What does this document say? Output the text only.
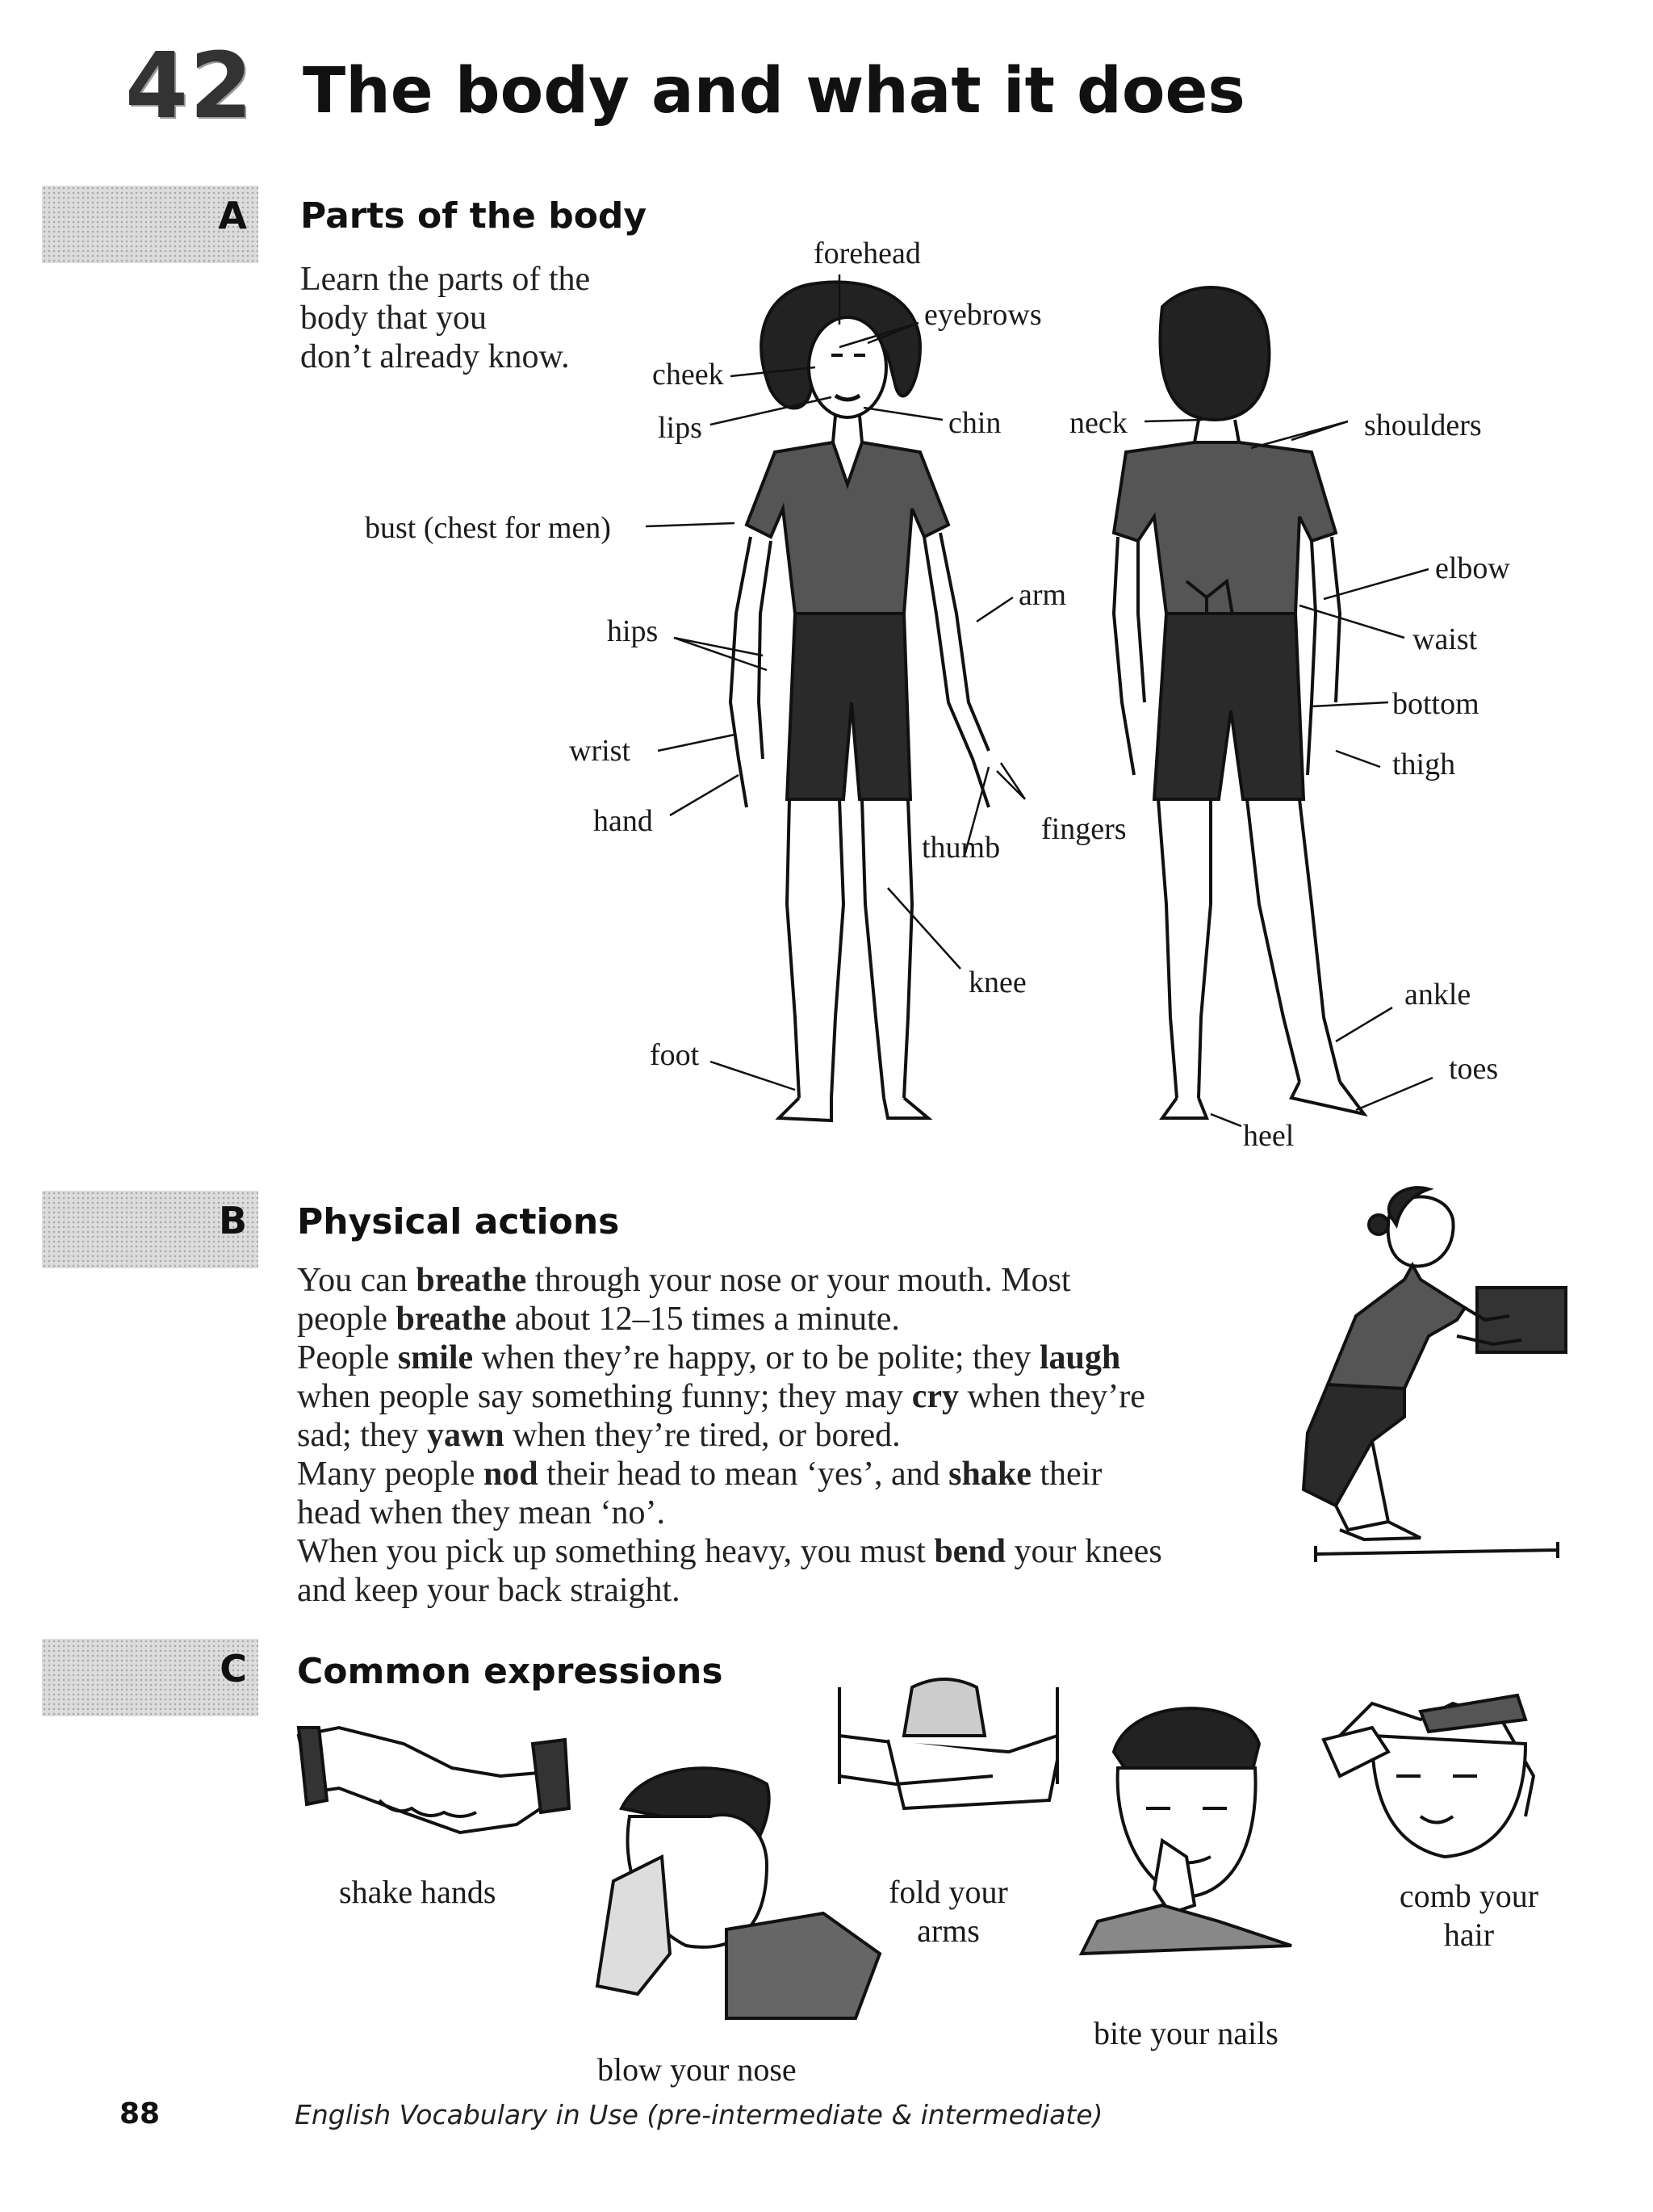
42 The body and what it does
A Parts of the body
Learn the parts of the
body that you
don’t already know.
forehead
eyebrows
cheek
lips	chin neck	shoulders
bust (chest for men)
arm
elbow
hips	waist
bottom
wrist	thigh
hand
thumb
fingers
knee	ankle
foot	toes
heel
B Physical actions
You can breathe through your nose or your mouth. Most
people breathe about 12–15 times a minute.
People smile when they’re happy, or to be polite; they laugh
when people say something funny; they may cry when they’re
sad; they yawn when they’re tired, or bored.
Many people nod their head to mean ‘yes’, and shake their
head when they mean ‘no’.
When you pick up something heavy, you must bend your knees
and keep your back straight.
C Common expressions
shake hands
blow your nose
fold your
arms
bite your nails
comb your
hair
88	English Vocabulary in Use (pre-intermediate & intermediate)
